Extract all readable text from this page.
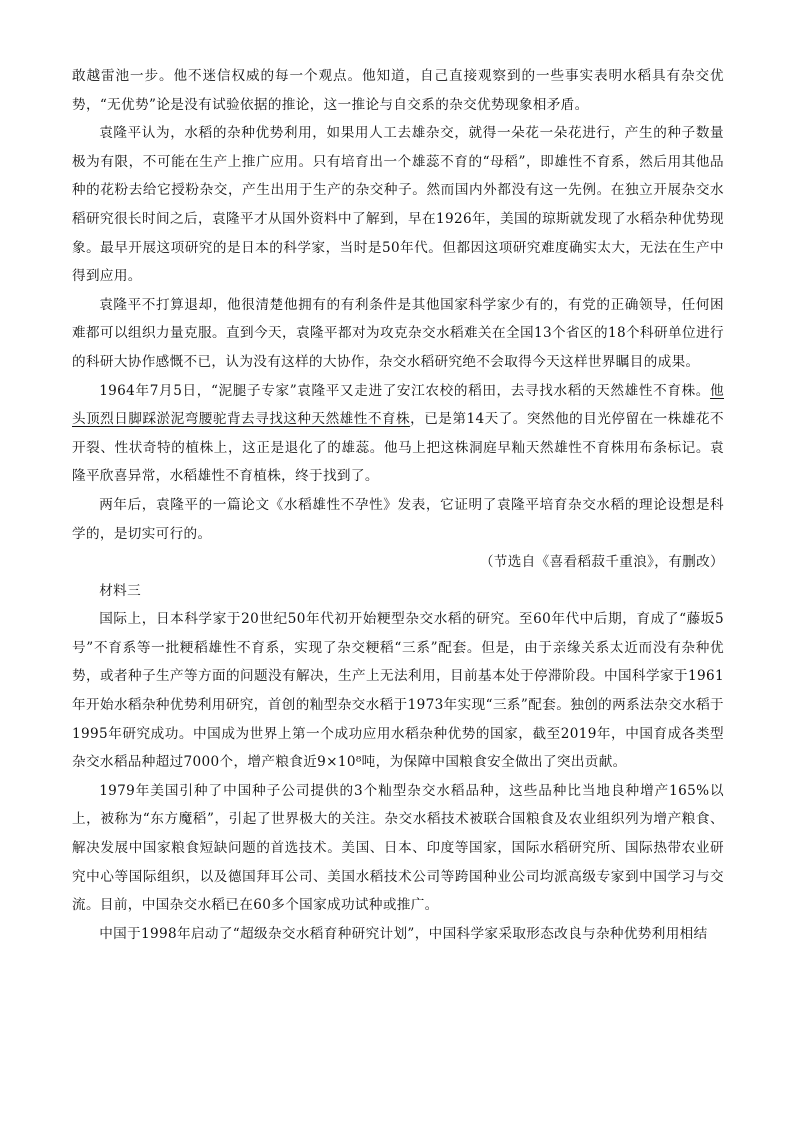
敢越雷池一步。他不迷信权威的每一个观点。他知道，自己直接观察到的一些事实表明水稻具有杂交优势，“无优势”论是没有试验依据的推论，这一推论与自交系的杂交优势现象相矛盾。

袁隆平认为，水稻的杂种优势利用，如果用人工去雄杂交，就得一朵花一朵花进行，产生的种子数量极为有限，不可能在生产上推广应用。只有培育出一个雄蕊不育的“母稻”，即雄性不育系，然后用其他品种的花粉去给它授粉杂交，产生出用于生产的杂交种子。然而国内外都没有这一先例。在独立开展杂交水稻研究很长时间之后，袁隆平才从国外资料中了解到，早在1926年，美国的琼斯就发现了水稻杂种优势现象。最早开展这项研究的是日本的科学家，当时是50年代。但都因这项研究难度确实太大，无法在生产中得到应用。

袁隆平不打算退却，他很清楚他拥有的有利条件是其他国家科学家少有的，有党的正确领导，任何困难都可以组织力量克服。直到今天，袁隆平都对为攻克杂交水稻难关在全国13个省区的18个科研单位进行的科研大协作感慨不已，认为没有这样的大协作，杂交水稻研究绝不会取得今天这样世界瞩目的成果。

1964年7月5日，“泥腿子专家”袁隆平又走进了安江农校的稻田，去寻找水稻的天然雄性不育株。他头顶烈日脚踩淤泥弯腰驼背去寻找这种天然雄性不育株，已是第14天了。突然他的目光停留在一株雄花不开裂、性状奇特的植株上，这正是退化了的雄蕊。他马上把这株洞庭早籼天然雄性不育株用布条标记。袁隆平欣喜异常，水稻雄性不育植株，终于找到了。

两年后，袁隆平的一篇论文《水稻雄性不孕性》发表，它证明了袁隆平培育杂交水稻的理论设想是科学的，是切实可行的。

（节选自《喜看稻菽千重浪》，有删改）

材料三

国际上，日本科学家于20世纪50年代初开始粳型杂交水稻的研究。至60年代中后期，育成了“藤坂5号”不育系等一批粳稻雄性不育系，实现了杂交粳稻“三系”配套。但是，由于亲缘关系太近而没有杂种优势，或者种子生产等方面的问题没有解决，生产上无法利用，目前基本处于停滞阶段。中国科学家于1961年开始水稻杂种优势利用研究，首创的籼型杂交水稻于1973年实现“三系”配套。独创的两系法杂交水稻于1995年研究成功。中国成为世界上第一个成功应用水稻杂种优势的国家，截至2019年，中国育成各类型杂交水稻品种超过7000个，增产粮食近9×10⁸吨，为保障中国粮食安全做出了突出贡献。

1979年美国引种了中国种子公司提供的3个籼型杂交水稻品种，这些品种比当地良种增产165%以上，被称为“东方魔稻”，引起了世界极大的关注。杂交水稻技术被联合国粮食及农业组织列为增产粮食、解决发展中国家粮食短缺问题的首选技术。美国、日本、印度等国家，国际水稻研究所、国际热带农业研究中心等国际组织，以及德国拜耳公司、美国水稻技术公司等跨国种业公司均派高级专家到中国学习与交流。目前，中国杂交水稻已在60多个国家成功试种或推广。

中国于1998年启动了“超级杂交水稻育种研究计划”，中国科学家采取形态改良与杂种优势利用相结
